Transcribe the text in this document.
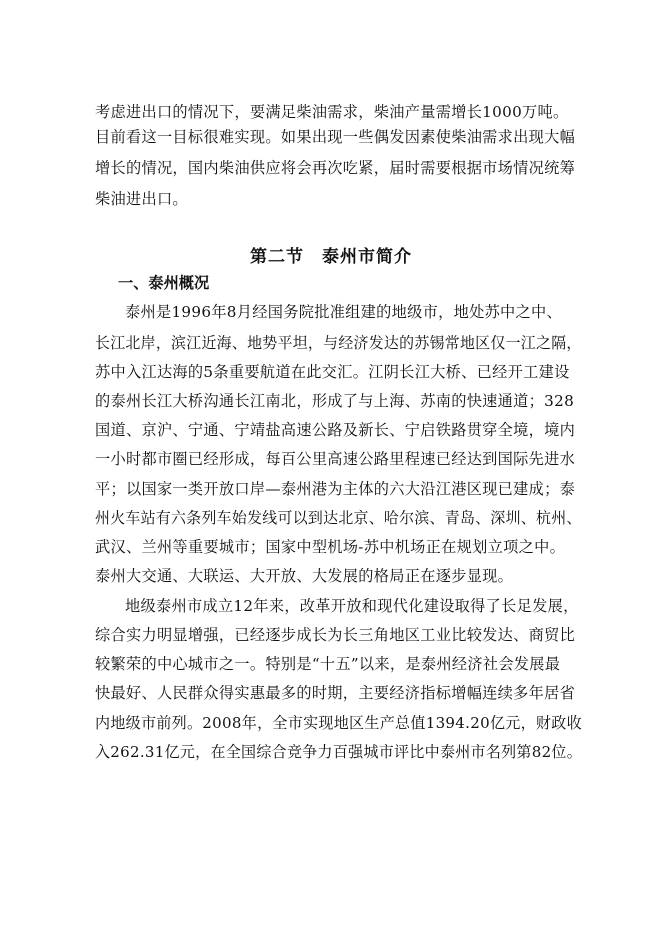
考虑进出口的情况下，要满足柴油需求，柴油产量需增长1000万吨。
目前看这一目标很难实现。如果出现一些偶发因素使柴油需求出现大幅
增长的情况，国内柴油供应将会再次吃紧，届时需要根据市场情况统筹
柴油进出口。
第二节　泰州市简介
一、泰州概况
泰州是1996年8月经国务院批准组建的地级市，地处苏中之中、
长江北岸，滨江近海、地势平坦，与经济发达的苏锡常地区仅一江之隔，
苏中入江达海的5条重要航道在此交汇。江阴长江大桥、已经开工建设
的泰州长江大桥沟通长江南北，形成了与上海、苏南的快速通道；328
国道、京沪、宁通、宁靖盐高速公路及新长、宁启铁路贯穿全境，境内
一小时都市圈已经形成，每百公里高速公路里程速已经达到国际先进水
平；以国家一类开放口岸—泰州港为主体的六大沿江港区现已建成；泰
州火车站有六条列车始发线可以到达北京、哈尔滨、青岛、深圳、杭州、
武汉、兰州等重要城市；国家中型机场-苏中机场正在规划立项之中。
泰州大交通、大联运、大开放、大发展的格局正在逐步显现。
地级泰州市成立12年来，改革开放和现代化建设取得了长足发展，
综合实力明显增强，已经逐步成长为长三角地区工业比较发达、商贸比
较繁荣的中心城市之一。特别是“十五”以来，是泰州经济社会发展最
快最好、人民群众得实惠最多的时期，主要经济指标增幅连续多年居省
内地级市前列。2008年，全市实现地区生产总值1394.20亿元，财政收
入262.31亿元，在全国综合竞争力百强城市评比中泰州市名列第82位。
